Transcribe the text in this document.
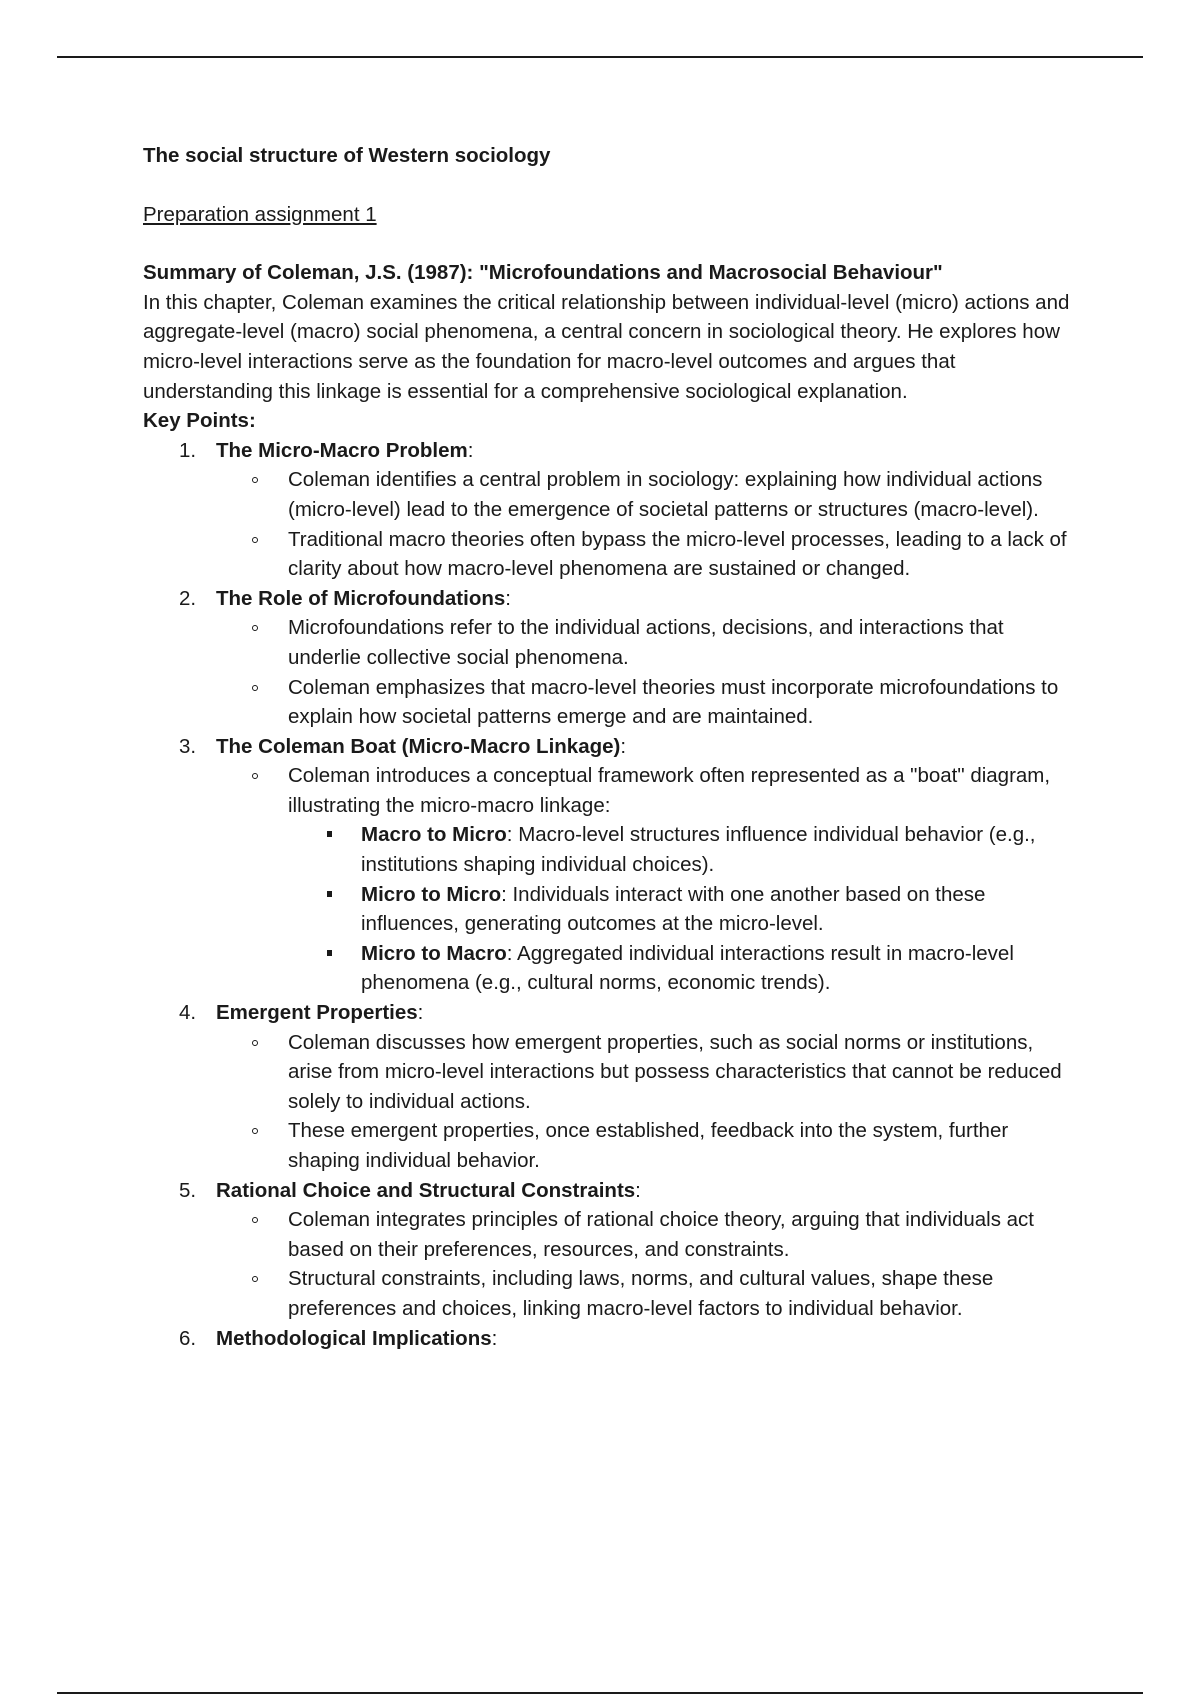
The social structure of Western sociology

Preparation assignment 1

Summary of Coleman, J.S. (1987): "Microfoundations and Macrosocial Behaviour"

In this chapter, Coleman examines the critical relationship between individual-level (micro) actions and aggregate-level (macro) social phenomena, a central concern in sociological theory. He explores how micro-level interactions serve as the foundation for macro-level outcomes and argues that understanding this linkage is essential for a comprehensive sociological explanation.

Key Points:

1. The Micro-Macro Problem:
Coleman identifies a central problem in sociology: explaining how individual actions (micro-level) lead to the emergence of societal patterns or structures (macro-level).
Traditional macro theories often bypass the micro-level processes, leading to a lack of clarity about how macro-level phenomena are sustained or changed.
2. The Role of Microfoundations:
Microfoundations refer to the individual actions, decisions, and interactions that underlie collective social phenomena.
Coleman emphasizes that macro-level theories must incorporate microfoundations to explain how societal patterns emerge and are maintained.
3. The Coleman Boat (Micro-Macro Linkage):
Coleman introduces a conceptual framework often represented as a "boat" diagram, illustrating the micro-macro linkage:
Macro to Micro: Macro-level structures influence individual behavior (e.g., institutions shaping individual choices).
Micro to Micro: Individuals interact with one another based on these influences, generating outcomes at the micro-level.
Micro to Macro: Aggregated individual interactions result in macro-level phenomena (e.g., cultural norms, economic trends).
4. Emergent Properties:
Coleman discusses how emergent properties, such as social norms or institutions, arise from micro-level interactions but possess characteristics that cannot be reduced solely to individual actions.
These emergent properties, once established, feedback into the system, further shaping individual behavior.
5. Rational Choice and Structural Constraints:
Coleman integrates principles of rational choice theory, arguing that individuals act based on their preferences, resources, and constraints.
Structural constraints, including laws, norms, and cultural values, shape these preferences and choices, linking macro-level factors to individual behavior.
6. Methodological Implications:
